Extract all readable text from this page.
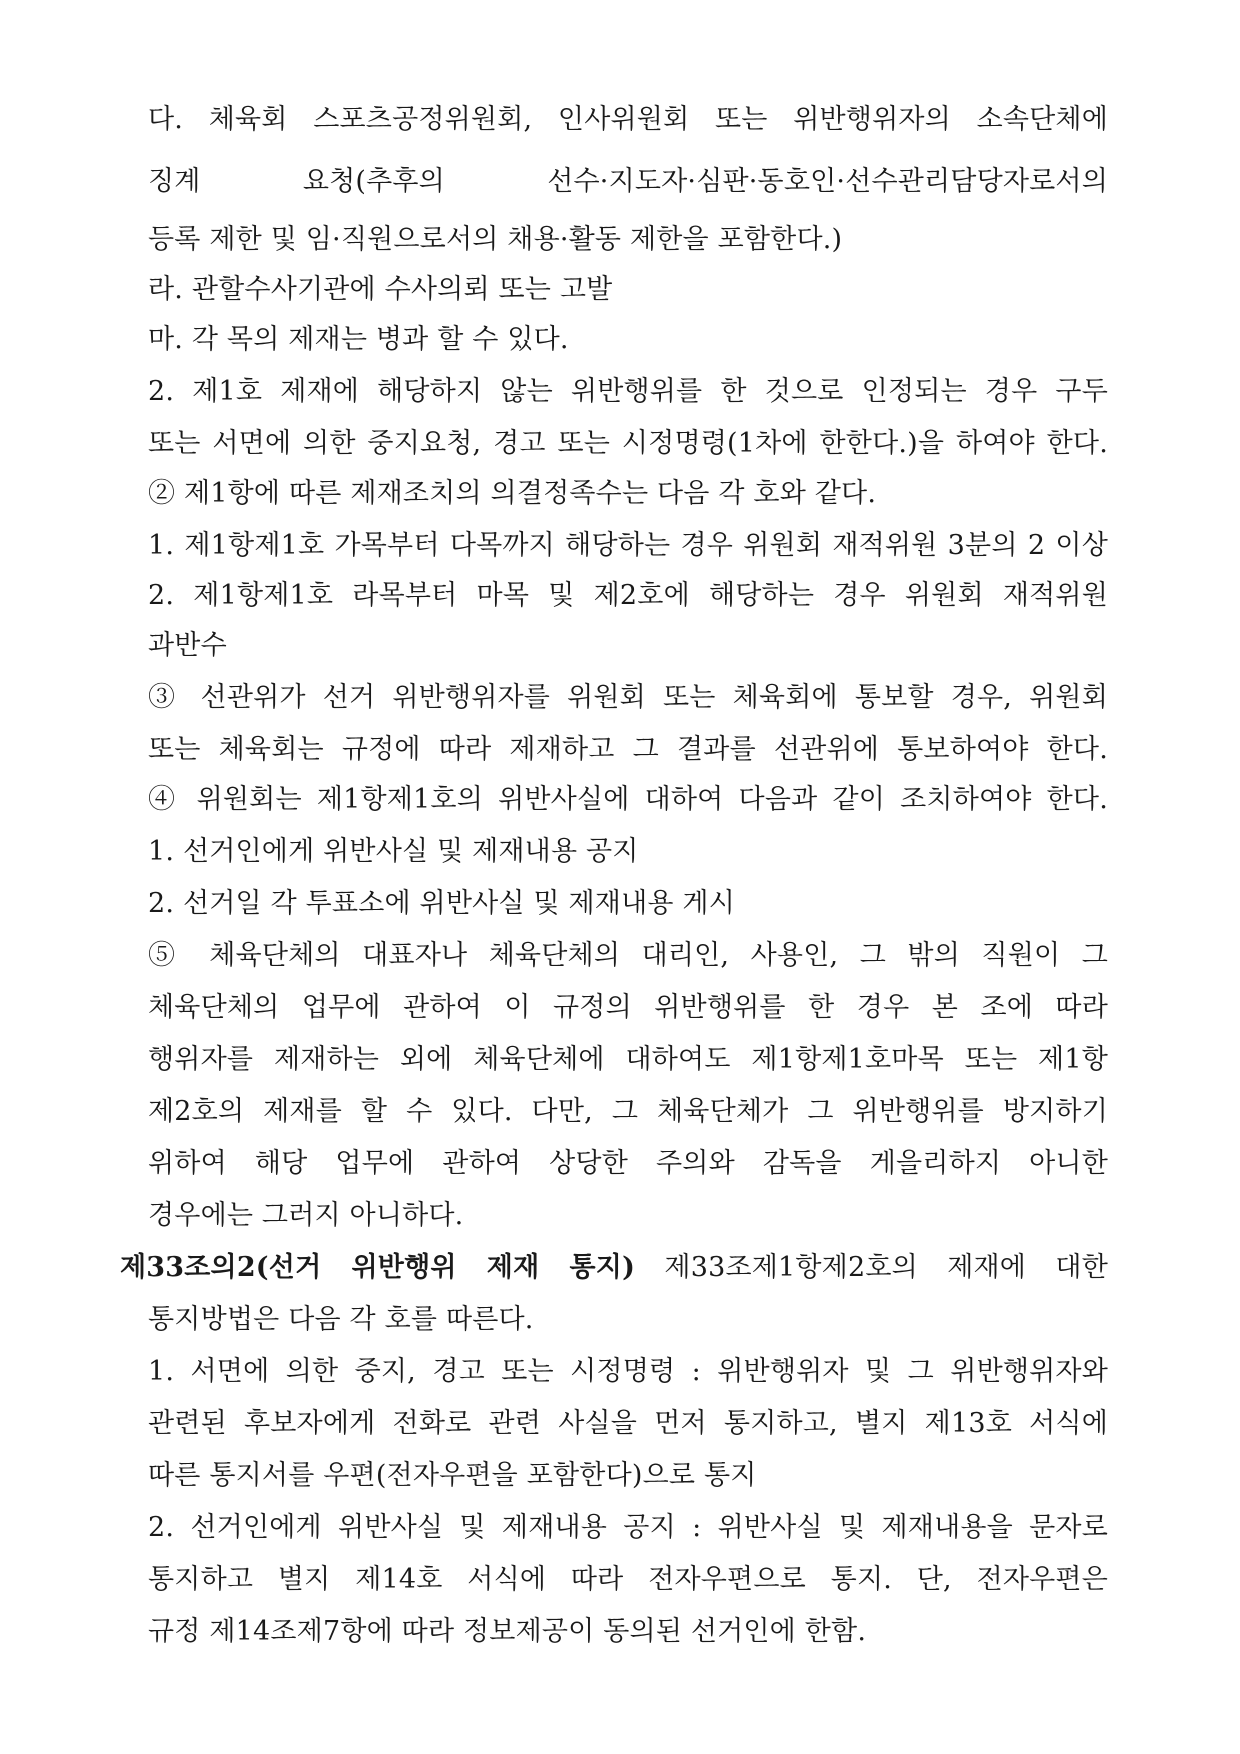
다. 체육회 스포츠공정위원회, 인사위원회 또는 위반행위자의 소속단체에
징계 요청(추후의 선수·지도자·심판·동호인·선수관리담당자로서의
등록 제한 및 임·직원으로서의 채용·활동 제한을 포함한다.)
라. 관할수사기관에 수사의뢰 또는 고발
마. 각 목의 제재는 병과 할 수 있다.
2. 제1호 제재에 해당하지 않는 위반행위를 한 것으로 인정되는 경우 구두
또는 서면에 의한 중지요청, 경고 또는 시정명령(1차에 한한다.)을 하여야 한다.
② 제1항에 따른 제재조치의 의결정족수는 다음 각 호와 같다.
1. 제1항제1호 가목부터 다목까지 해당하는 경우 위원회 재적위원 3분의 2 이상
2. 제1항제1호 라목부터 마목 및 제2호에 해당하는 경우 위원회 재적위원
과반수
③ 선관위가 선거 위반행위자를 위원회 또는 체육회에 통보할 경우, 위원회
또는 체육회는 규정에 따라 제재하고 그 결과를 선관위에 통보하여야 한다.
④ 위원회는 제1항제1호의 위반사실에 대하여 다음과 같이 조치하여야 한다.
1. 선거인에게 위반사실 및 제재내용 공지
2. 선거일 각 투표소에 위반사실 및 제재내용 게시
⑤ 체육단체의 대표자나 체육단체의 대리인, 사용인, 그 밖의 직원이 그
체육단체의 업무에 관하여 이 규정의 위반행위를 한 경우 본 조에 따라
행위자를 제재하는 외에 체육단체에 대하여도 제1항제1호마목 또는 제1항
제2호의 제재를 할 수 있다. 다만, 그 체육단체가 그 위반행위를 방지하기
위하여 해당 업무에 관하여 상당한 주의와 감독을 게을리하지 아니한
경우에는 그러지 아니하다.
제33조의2(선거 위반행위 제재 통지) 제33조제1항제2호의 제재에 대한
통지방법은 다음 각 호를 따른다.
1. 서면에 의한 중지, 경고 또는 시정명령 : 위반행위자 및 그 위반행위자와
관련된 후보자에게 전화로 관련 사실을 먼저 통지하고, 별지 제13호 서식에
따른 통지서를 우편(전자우편을 포함한다)으로 통지
2. 선거인에게 위반사실 및 제재내용 공지 : 위반사실 및 제재내용을 문자로
통지하고 별지 제14호 서식에 따라 전자우편으로 통지. 단, 전자우편은
규정 제14조제7항에 따라 정보제공이 동의된 선거인에 한함.
